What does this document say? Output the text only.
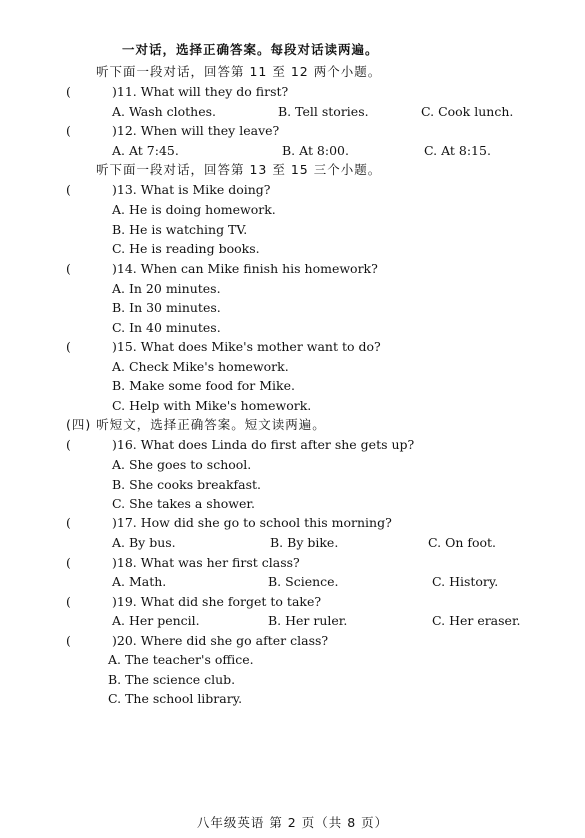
一对话，选择正确答案。每段对话读两遍。
听下面一段对话，回答第 11 至 12 两个小题。
(	)11. What will they do first?
A. Wash clothes.	B. Tell stories.	C. Cook lunch.
(	)12. When will they leave?
A. At 7:45.	B. At 8:00.	C. At 8:15.
听下面一段对话，回答第 13 至 15 三个小题。
(	)13. What is Mike doing?
A. He is doing homework.
B. He is watching TV.
C. He is reading books.
(	)14. When can Mike finish his homework?
A. In 20 minutes.
B. In 30 minutes.
C. In 40 minutes.
(	)15. What does Mike's mother want to do?
A. Check Mike's homework.
B. Make some food for Mike.
C. Help with Mike's homework.
(四) 听短文，选择正确答案。短文读两遍。
(	)16. What does Linda do first after she gets up?
A. She goes to school.
B. She cooks breakfast.
C. She takes a shower.
(	)17. How did she go to school this morning?
A. By bus.	B. By bike.	C. On foot.
(	)18. What was her first class?
A. Math.	B. Science.	C. History.
(	)19. What did she forget to take?
A. Her pencil.	B. Her ruler.	C. Her eraser.
(	)20. Where did she go after class?
A. The teacher's office.
B. The science club.
C. The school library.
八年级英语 第 2 页（共 8 页）
